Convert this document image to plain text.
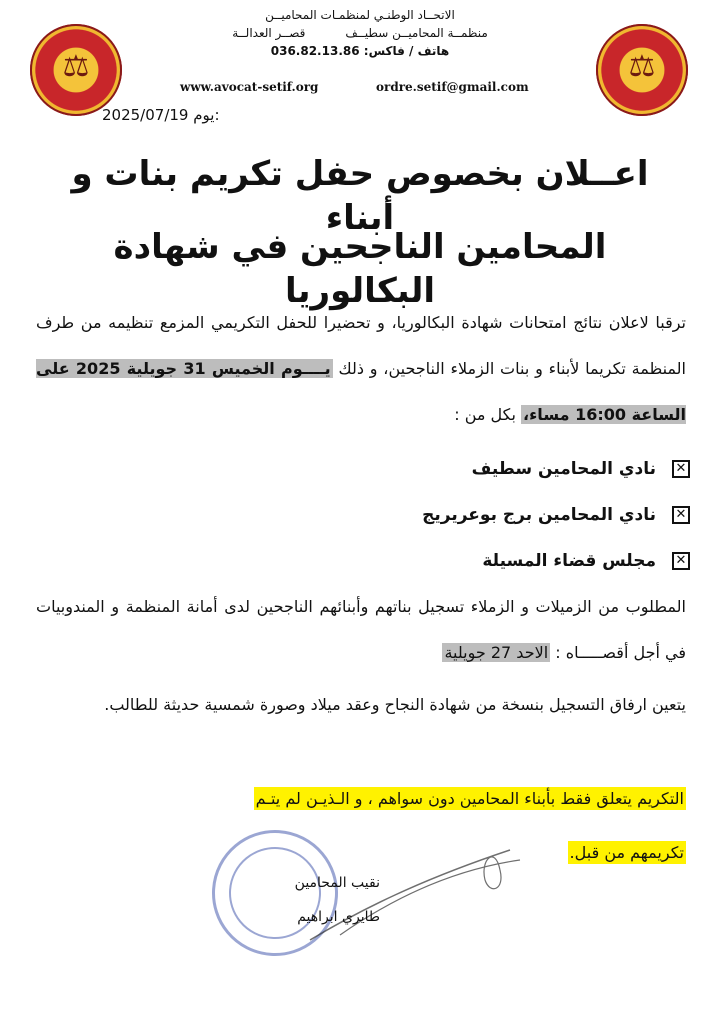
⚖	⚖
الاتحــاد الوطنـي لمنظمـات المحاميــن
منظمــة المحاميــن سطيــف
قصــر العدالــة
هاتف / فاكس: 036.82.13.86
www.avocat-setif.org	ordre.setif@gmail.com
2025/07/19 يوم:
اعــلان بخصوص حفل تكريم بنات و أبناء
المحامين الناجحين في شهادة البكالوريا
ترقبا لاعلان نتائج امتحانات شهادة البكالوريا، و تحضيرا للحفل التكريمي المزمع تنظيمه من طرف المنظمة تكريما لأبناء و بنات الزملاء الناجحين، و ذلك يــــوم الخميس 31 جويلية 2025 على الساعة 16:00 مساء، بكل من :
✕
نادي المحامين سطيف
✕
نادي المحامين برج بوعريريج
✕
مجلس قضاء المسيلة
المطلوب من الزميلات و الزملاء تسجيل بناتهم وأبنائهم الناجحين لدى أمانة المنظمة و المندوبيات في أجل أقصـــــاه : الاحد 27 جويلية
يتعين ارفاق التسجيل بنسخة من شهادة النجاح وعقد ميلاد وصورة شمسية حديثة للطالب.
التكريم يتعلق فقط بأبناء المحامين دون سواهم ، و الـذيـن لم يتـم
تكريمهم من قبل.
نقيب المحامين
طايري ابراهيم
